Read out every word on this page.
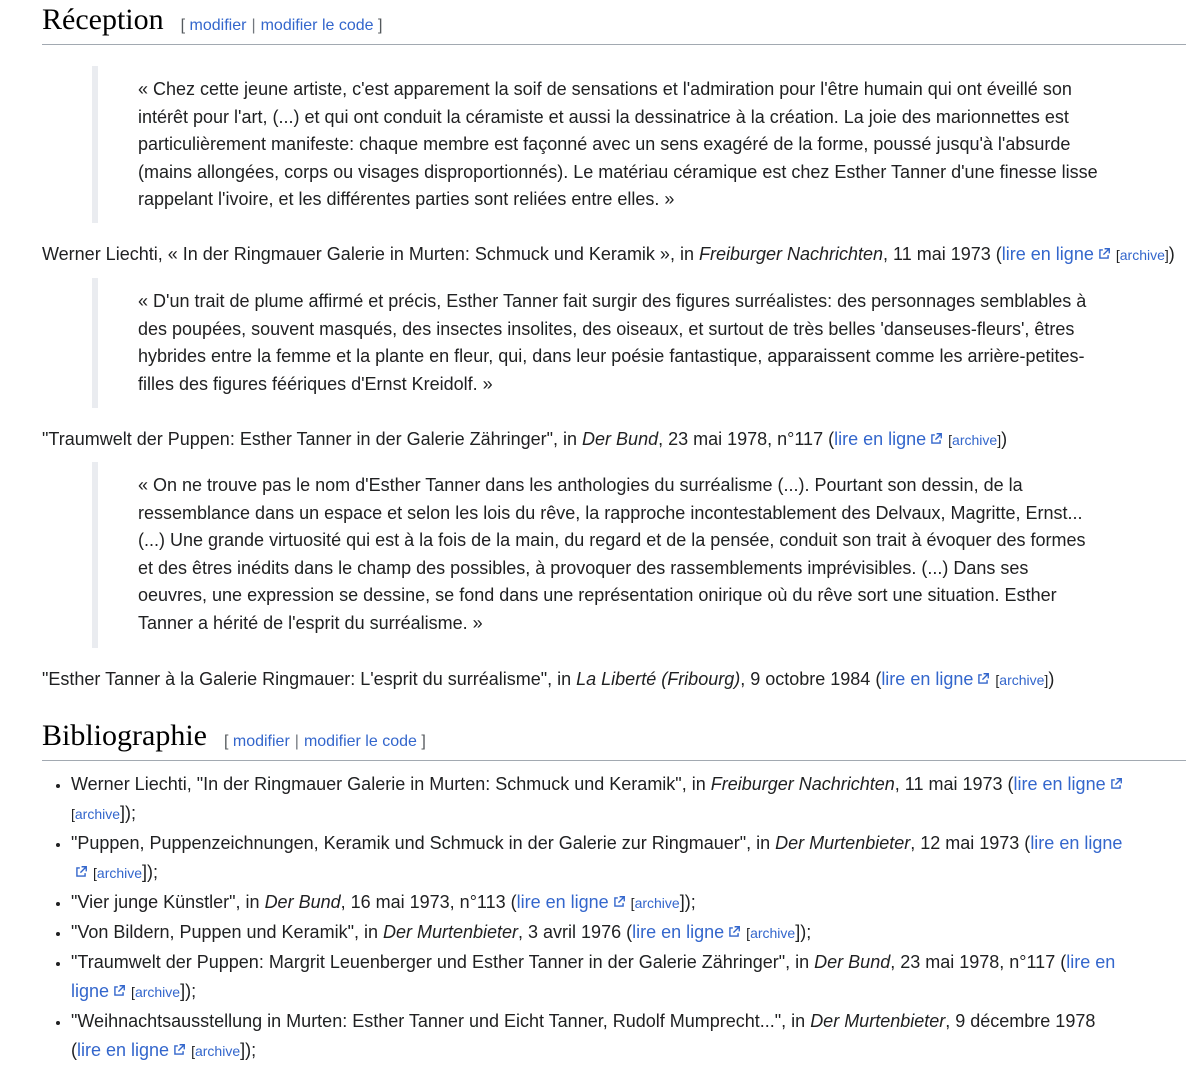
Réception [ modifier | modifier le code ]
« Chez cette jeune artiste, c'est apparement la soif de sensations et l'admiration pour l'être humain qui ont éveillé son intérêt pour l'art, (...) et qui ont conduit la céramiste et aussi la dessinatrice à la création. La joie des marionnettes est particulièrement manifeste: chaque membre est façonné avec un sens exagéré de la forme, poussé jusqu'à l'absurde (mains allongées, corps ou visages disproportionnés). Le matériau céramique est chez Esther Tanner d'une finesse lisse rappelant l'ivoire, et les différentes parties sont reliées entre elles. »
Werner Liechti, « In der Ringmauer Galerie in Murten: Schmuck und Keramik », in Freiburger Nachrichten, 11 mai 1973 (lire en ligne [archive])
« D'un trait de plume affirmé et précis, Esther Tanner fait surgir des figures surréalistes: des personnages semblables à des poupées, souvent masqués, des insectes insolites, des oiseaux, et surtout de très belles 'danseuses-fleurs', êtres hybrides entre la femme et la plante en fleur, qui, dans leur poésie fantastique, apparaissent comme les arrière-petites-filles des figures féériques d'Ernst Kreidolf. »
"Traumwelt der Puppen: Esther Tanner in der Galerie Zähringer", in Der Bund, 23 mai 1978, n°117 (lire en ligne [archive])
« On ne trouve pas le nom d'Esther Tanner dans les anthologies du surréalisme (...). Pourtant son dessin, de la ressemblance dans un espace et selon les lois du rêve, la rapproche incontestablement des Delvaux, Magritte, Ernst... (...) Une grande virtuosité qui est à la fois de la main, du regard et de la pensée, conduit son trait à évoquer des formes et des êtres inédits dans le champ des possibles, à provoquer des rassemblements imprévisibles. (...) Dans ses oeuvres, une expression se dessine, se fond dans une représentation onirique où du rêve sort une situation. Esther Tanner a hérité de l'esprit du surréalisme. »
"Esther Tanner à la Galerie Ringmauer: L'esprit du surréalisme", in La Liberté (Fribourg), 9 octobre 1984 (lire en ligne [archive])
Bibliographie [ modifier | modifier le code ]
• Werner Liechti, "In der Ringmauer Galerie in Murten: Schmuck und Keramik", in Freiburger Nachrichten, 11 mai 1973 (lire en ligne [archive]);
• "Puppen, Puppenzeichnungen, Keramik und Schmuck in der Galerie zur Ringmauer", in Der Murtenbieter, 12 mai 1973 (lire en ligne [archive]);
• "Vier junge Künstler", in Der Bund, 16 mai 1973, n°113 (lire en ligne [archive]);
• "Von Bildern, Puppen und Keramik", in Der Murtenbieter, 3 avril 1976 (lire en ligne [archive]);
• "Traumwelt der Puppen: Margrit Leuenberger und Esther Tanner in der Galerie Zähringer", in Der Bund, 23 mai 1978, n°117 (lire en ligne [archive]);
• "Weihnachtsausstellung in Murten: Esther Tanner und Eicht Tanner, Rudolf Mumprecht...", in Der Murtenbieter, 9 décembre 1978 (lire en ligne [archive]);
